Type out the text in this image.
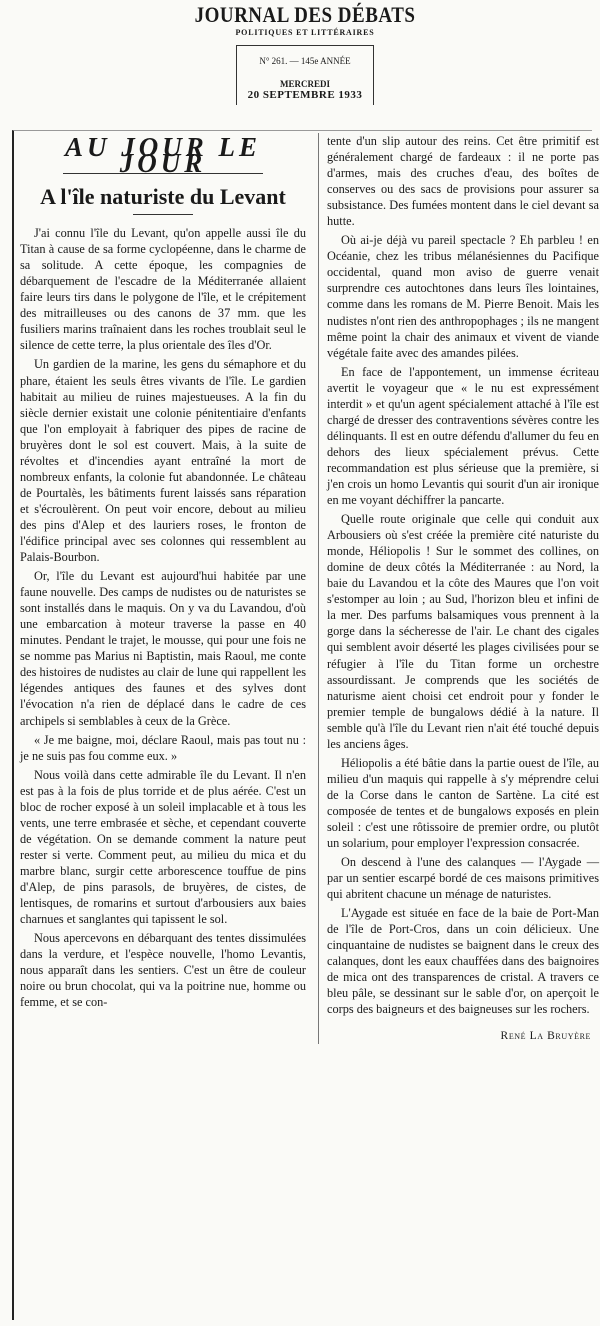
JOURNAL DES DÉBATS
POLITIQUES ET LITTÉRAIRES
N° 261. — 145e ANNÉE
MERCREDI
20 SEPTEMBRE 1933
AU JOUR LE JOUR
A l'île naturiste du Levant

J'ai connu l'île du Levant, qu'on appelle aussi île du Titan à cause de sa forme cyclopéenne, dans le charme de sa solitude. A cette époque, les compagnies de débarquement de l'escadre de la Méditerranée allaient faire leurs tirs dans le polygone de l'île, et le crépitement des mitrailleuses ou des canons de 37 mm. que les fusiliers marins traînaient dans les roches troublait seul le silence de cette terre, la plus orientale des îles d'Or.

Un gardien de la marine, les gens du sémaphore et du phare, étaient les seuls êtres vivants de l'île. Le gardien habitait au milieu de ruines majestueuses. A la fin du siècle dernier existait une colonie pénitentiaire d'enfants que l'on employait à fabriquer des pipes de racine de bruyères dont le sol est couvert. Mais, à la suite de révoltes et d'incendies ayant entraîné la mort de nombreux enfants, la colonie fut abandonnée. Le château de Pourtalès, les bâtiments furent laissés sans réparation et s'écroulèrent. On peut voir encore, debout au milieu des pins d'Alep et des lauriers roses, le fronton de l'édifice principal avec ses colonnes qui ressemblent au Palais-Bourbon.

Or, l'île du Levant est aujourd'hui habitée par une faune nouvelle. Des camps de nudistes ou de naturistes se sont installés dans le maquis. On y va du Lavandou, d'où une embarcation à moteur traverse la passe en 40 minutes. Pendant le trajet, le mousse, qui pour une fois ne se nomme pas Marius ni Baptistin, mais Raoul, me conte des histoires de nudistes au clair de lune qui rappellent les légendes antiques des faunes et des sylves dont l'évocation n'a rien de déplacé dans le cadre de ces archipels si semblables à ceux de la Grèce.

« Je me baigne, moi, déclare Raoul, mais pas tout nu : je ne suis pas fou comme eux. »

Nous voilà dans cette admirable île du Levant. Il n'en est pas à la fois de plus torride et de plus aérée. C'est un bloc de rocher exposé à un soleil implacable et à tous les vents, une terre embrasée et sèche, et cependant couverte de végétation. On se demande comment la nature peut rester si verte. Comment peut, au milieu du mica et du marbre blanc, surgir cette arborescence touffue de pins d'Alep, de pins parasols, de bruyères, de cistes, de lentisques, de romarins et surtout d'arbousiers aux baies charnues et sanglantes qui tapissent le sol.

Nous apercevons en débarquant des tentes dissimulées dans la verdure, et l'espèce nouvelle, l'homo Levantis, nous apparaît dans les sentiers. C'est un être de couleur noire ou brun chocolat, qui va la poitrine nue, homme ou femme, et se con-

tente d'un slip autour des reins. Cet être primitif est généralement chargé de fardeaux : il ne porte pas d'armes, mais des cruches d'eau, des boîtes de conserves ou des sacs de provisions pour assurer sa subsistance. Des fumées montent dans le ciel devant sa hutte.

Où ai-je déjà vu pareil spectacle ? Eh parbleu ! en Océanie, chez les tribus mélanésiennes du Pacifique occidental, quand mon aviso de guerre venait surprendre ces autochtones dans leurs îles lointaines, comme dans les romans de M. Pierre Benoit. Mais les nudistes n'ont rien des anthropophages ; ils ne mangent même point la chair des animaux et vivent de viande végétale faite avec des amandes pilées.

En face de l'appontement, un immense écriteau avertit le voyageur que « le nu est expressément interdit » et qu'un agent spécialement attaché à l'île est chargé de dresser des contraventions sévères contre les délinquants. Il est en outre défendu d'allumer du feu en dehors des lieux spécialement prévus. Cette recommandation est plus sérieuse que la première, si j'en crois un homo Levantis qui sourit d'un air ironique en me voyant déchiffrer la pancarte.

Quelle route originale que celle qui conduit aux Arbousiers où s'est créée la première cité naturiste du monde, Héliopolis ! Sur le sommet des collines, on domine de deux côtés la Méditerranée : au Nord, la baie du Lavandou et la côte des Maures que l'on voit s'estomper au loin ; au Sud, l'horizon bleu et infini de la mer. Des parfums balsamiques vous prennent à la gorge dans la sécheresse de l'air. Le chant des cigales qui semblent avoir déserté les plages civilisées pour se réfugier à l'île du Titan forme un orchestre assourdissant. Je comprends que les sociétés de naturisme aient choisi cet endroit pour y fonder le premier temple de bungalows dédié à la nature. Il semble qu'à l'île du Levant rien n'ait été touché depuis les anciens âges.

Héliopolis a été bâtie dans la partie ouest de l'île, au milieu d'un maquis qui rappelle à s'y méprendre celui de la Corse dans le canton de Sartène. La cité est composée de tentes et de bungalows exposés en plein soleil : c'est une rôtissoire de premier ordre, ou plutôt un solarium, pour employer l'expression consacrée.

On descend à l'une des calanques — l'Aygade — par un sentier escarpé bordé de ces maisons primitives qui abritent chacune un ménage de naturistes.

L'Aygade est située en face de la baie de Port-Man de l'île de Port-Cros, dans un coin délicieux. Une cinquantaine de nudistes se baignent dans le creux des calanques, dont les eaux chauffées dans des baignoires de mica ont des transparences de cristal. A travers ce bleu pâle, se dessinant sur le sable d'or, on aperçoit le corps des baigneurs et des baigneuses sur les rochers.

René La Bruyère
